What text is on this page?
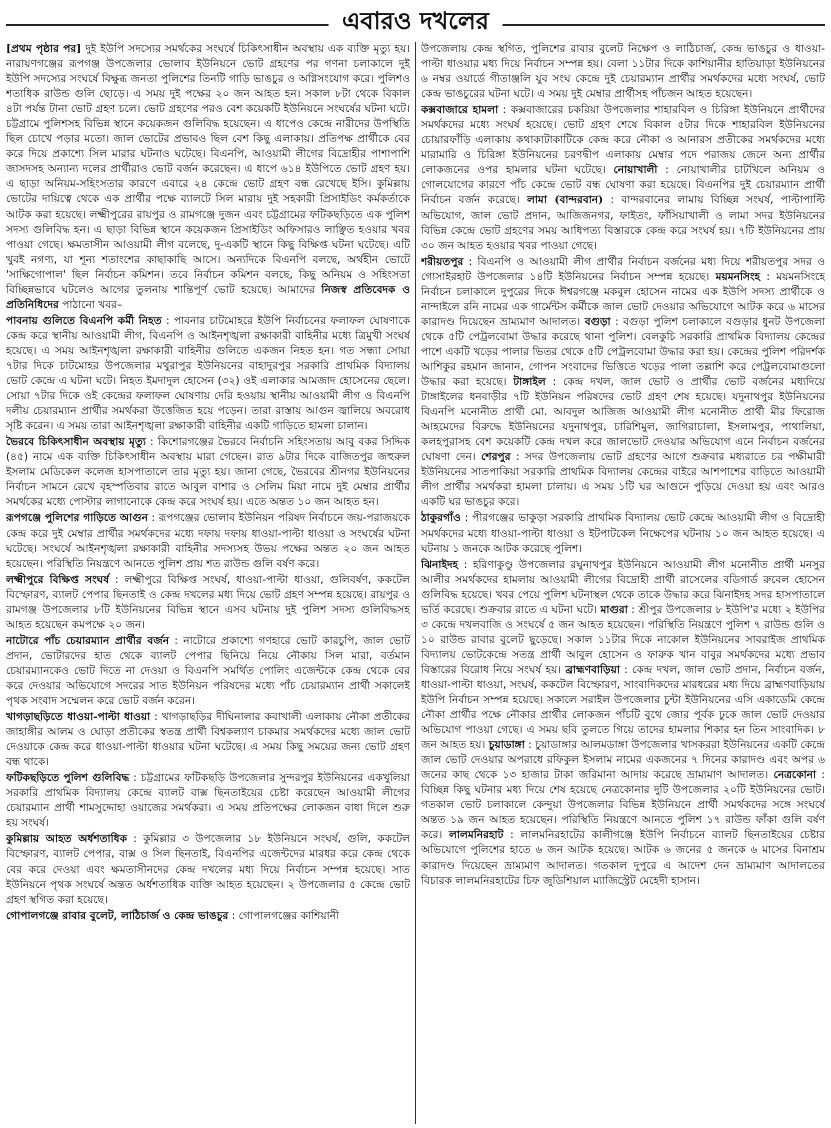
এবারও দখলের

[প্রথম পৃষ্ঠার পর] দুই ইউপি সদস্যের সমর্থকের সংঘর্ষে চিকিৎসাধীন অবস্থায় এক ব্যক্তি মৃত্যু হয়। নারায়ণগঞ্জের রূপগঞ্জ উপজেলার ভোলাব ইউনিয়নে ভোট গ্রহণের পর গণনা চলাকালে দুই ইউপি সদস্যের সংঘর্ষে বিক্ষুব্ধ জনতা পুলিশের তিনটি গাড়ি ভাঙচুর ও অগ্নিসংযোগ করে। পুলিশও শতাধিক রাউন্ড গুলি ছোড়ে। এ সময় দুই পক্ষের ২০ জন আহত হন। সকাল ৮টা থেকে বিকাল ৪টা পর্যন্ত টানা ভোট গ্রহণ চলে। ভোট গ্রহণের পরও বেশ কয়েকটি ইউনিয়নে সংঘর্ষের ঘটনা ঘটে। চট্টগ্রামে পুলিশসহ বিভিন্ন স্থানে কয়েকজন গুলিবিদ্ধ হয়েছেন। এ ধাপেও কেন্দ্রে নারীদের উপস্থিতি ছিল চোখে পড়ার মতো। জাল ভোটের প্রভাবও ছিল বেশ কিছু এলাকায়। প্রতিপক্ষ প্রার্থীকে বের করে দিয়ে প্রকাশ্যে সিল মারার ঘটনাও ঘটেছে। বিএনপি, আওয়ামী লীগের বিদ্রোহীর পাশাপাশি জাসদসহ অন্যান্য দলের প্রার্থীরাও ভোট বর্জন করেছেন। এ ধাপে ৬১৪ ইউপিতে ভোট গ্রহণ হয়। এ ছাড়া অনিয়ম-সহিংসতার কারণে এবারে ২৪ কেন্দ্রে ভোট গ্রহণ বন্ধ রেখেছে ইসি। কুমিল্লায় ভোটের দায়িত্বে থেকে এক প্রার্থীর পক্ষে ব্যালটে সিল মারায় দুই সহকারী প্রিসাইডিং কর্মকর্তাকে আটক করা হয়েছে। লক্ষ্মীপুরের রায়পুর ও রামগঞ্জে দুজন এবং চট্টগ্রামের ফটিকছড়িতে এক পুলিশ সদস্য গুলিবিদ্ধ হন। এ ছাড়া বিভিন্ন স্থানে কয়েকজন প্রিসাইডিং অফিসারও লাঞ্ছিত হওয়ার খবর পাওয়া গেছে। ক্ষমতাসীন আওয়ামী লীগ বলেছে, দু-একটি স্থানে কিছু বিক্ষিপ্ত ঘটনা ঘটেছে। এটি খুবই নগণ্য, যা শূন্য শতাংশের কাছাকাছি আসে। অন্যদিকে বিএনপি বলছে, অর্থহীন ভোটে 'সাক্ষিগোপাল' ছিল নির্বাচন কমিশন। তবে নির্বাচন কমিশন বলছে, কিছু অনিয়ম ও সহিংসতা বিচ্ছিন্নভাবে ঘটলেও আগের তুলনায় শান্তিপূর্ণ ভোট হয়েছে। আমাদের নিজস্ব প্রতিবেদক ও প্রতিনিধিদের পাঠানো খবর–

পাবনায় গুলিতে বিএনপি কর্মী নিহত : পাবনার চাটমোহরে ইউপি নির্বাচনের ফলাফল ঘোষণাকে কেন্দ্র করে স্থানীয় আওয়ামী লীগ, বিএনপি ও আইনশৃঙ্খলা রক্ষাকারী বাহিনীর মধ্যে ত্রিমুখী সংঘর্ষ হয়েছে। এ সময় আইনশৃঙ্খলা রক্ষাকারী বাহিনীর গুলিতে একজন নিহত হন। গত সন্ধ্যা সোয়া ৭টার দিকে চাটমোহর উপজেলার মথুরাপুর ইউনিয়নের বাহাদুরপুর সরকারি প্রাথমিক বিদ্যালয় ভোট কেন্দ্রে এ ঘটনা ঘটে। নিহত ইমদাদুল হোসেন (৩২) ওই এলাকার আমজাদ হোসেনের ছেলে। সোয়া ৭টার দিকে ওই কেন্দ্রের ফলাফল ঘোষণায় দেরি হওয়ায় স্থানীয় আওয়ামী লীগ ও বিএনপি দলীয় চেয়ারম্যান প্রার্থীর সমর্থকরা উত্তেজিত হয়ে পড়েন। তারা রাস্তায় আগুন জ্বালিয়ে অবরোধ সৃষ্টি করেন। এ সময় তারা আইনশৃঙ্খলা রক্ষাকারী বাহিনীর একটি গাড়িতে হামলা চালান।

ভৈরবে চিকিৎসাধীন অবস্থায় মৃত্যু : কিশোরগঞ্জের ভৈরবে নির্বাচনি সহিংসতায় আবু বকর সিদ্দিক (৪৫) নামে এক ব্যক্তি চিকিৎসাধীন অবস্থায় মারা গেছেন। রাত ৯টার দিকে বাজিতপুর জহুরুল ইসলাম মেডিকেল কলেজ হাসপাতালে তার মৃত্যু হয়। জানা গেছে, ভৈরবের শ্রীনগর ইউনিয়নের নির্বাচন সামনে রেখে বৃহস্পতিবার রাতে আবুল বাশার ও সেলিম মিয়া নামে দুই মেম্বার প্রার্থীর সমর্থকের মধ্যে পোস্টার লাগানোকে কেন্দ্র করে সংঘর্ষ হয়। এতে অন্তত ১০ জন আহত হন।

রূপগঞ্জে পুলিশের গাড়িতে আগুন : রূপগঞ্জের ভোলাব ইউনিয়ন পরিষদ নির্বাচনে জয়-পরাজয়কে কেন্দ্র করে দুই মেম্বার প্রার্থীর সমর্থকদের মধ্যে দফায় দফায় ধাওয়া-পাল্টা ধাওয়া ও সংঘর্ষের ঘটনা ঘটেছে। সংঘর্ষে আইনশৃঙ্খলা রক্ষাকারী বাহিনীর সদস্যসহ উভয় পক্ষের অন্তত ২০ জন আহত হয়েছেন। পরিস্থিতি নিয়ন্ত্রণে আনতে পুলিশ প্রায় শত রাউন্ড গুলি বর্ষণ করে।

লক্ষ্মীপুরে বিক্ষিপ্ত সংঘর্ষ : লক্ষ্মীপুরে বিক্ষিপ্ত সংঘর্ষ, ধাওয়া-পাল্টা ধাওয়া, গুলিবর্ষণ, ককটেল বিস্ফোরণ, ব্যালট পেপার ছিনতাই ও কেন্দ্র দখলের মধ্য দিয়ে ভোট গ্রহণ সম্পন্ন হয়েছে। রায়পুর ও রামগঞ্জ উপজেলার ৮টি ইউনিয়নের বিভিন্ন স্থানে এসব ঘটনায় দুই পুলিশ সদস্য গুলিবিদ্ধসহ আহত হয়েছেন কমপক্ষে ২০ জন।

নাটোরে পাঁচ চেয়ারম্যান প্রার্থীর বর্জন : নাটোরে প্রকাশ্যে গণহারে ভোট কারচুপি, জাল ভোট প্রদান, ভোটারদের হাত থেকে ব্যালট পেপার ছিনিয়ে নিয়ে নৌকায় সিল মারা, বর্তমান চেয়ারম্যানকেও ভোট দিতে না দেওয়া ও বিএনপি সমর্থিত পোলিং এজেন্টকে কেন্দ্র থেকে বের করে দেওয়ার অভিযোগে সদরের সাত ইউনিয়ন পরিষদের মধ্যে পাঁচ চেয়ারম্যান প্রার্থী সকালেই পৃথক সংবাদ সম্মেলন করে ভোট বর্জন করেন।

খাগড়াছড়িতে ধাওয়া-পাল্টা ধাওয়া : খাগড়াছড়ির দীঘিনালার কবাখালী এলাকায় নৌকা প্রতীকের জাহাঙ্গীর আলম ও ঘোড়া প্রতীকের স্বতন্ত্র প্রার্থী বিশ্বকল্যাণ চাকমার সমর্থকদের মধ্যে জাল ভোট দেওয়াকে কেন্দ্র করে ধাওয়া-পাল্টা ধাওয়ার ঘটনা ঘটেছে। এ সময় কিছু সময়ের জন্য ভোট গ্রহণ বন্ধ থাকে।

ফটিকছড়িতে পুলিশ গুলিবিদ্ধ : চট্টগ্রামের ফটিকছড়ি উপজেলার সুন্দরপুর ইউনিয়নের একখুলিয়া সরকারি প্রাথমিক বিদ্যালয় কেন্দ্রে ব্যালট বাক্স ছিনতাইয়ের চেষ্টা করেছেন আওয়ামী লীগের চেয়ারম্যান প্রার্থী শামসুদ্দোহা ওয়াজের সমর্থকরা। এ সময় প্রতিপক্ষের লোকজন বাধা দিলে শুরু হয় সংঘর্ষ।

কুমিল্লায় আহত অর্ধশতাধিক : কুমিল্লার ৩ উপজেলার ১৮ ইউনিয়নে সংঘর্ষ, গুলি, ককটেল বিস্ফোরণ, ব্যালট পেপার, বাক্স ও সিল ছিনতাই, বিএনপির এজেন্টদের মারধর করে কেন্দ্র থেকে বের করে দেওয়া এবং ক্ষমতাসীনদের কেন্দ্র দখলের মধ্য দিয়ে নির্বাচন সম্পন্ন হয়েছে। সাত ইউনিয়নে পৃথক সংঘর্ষে অন্তত অর্ধশতাধিক ব্যক্তি আহত হয়েছেন। ২ উপজেলার ৫ কেন্দ্রে ভোট গ্রহণ স্থগিত করা হয়েছে।

গোপালগঞ্জে রাবার বুলেট, লাঠিচার্জ ও কেন্দ্র ভাঙচুর : গোপালগঞ্জের কাশিয়ানী

উপজেলায় কেন্দ্র স্থগিত, পুলিশের রাবার বুলেট নিক্ষেপ ও লাঠিচার্জ, কেন্দ্র ভাঙচুর ও ধাওয়া-পাল্টা ধাওয়ার মধ্য দিয়ে নির্বাচন সম্পন্ন হয়। বেলা ১১টার দিকে কাশিয়ানীর হাতিয়াড়া ইউনিয়নের ৬ নম্বর ওয়ার্ডে গীতাঞ্জলি যুব সংঘ কেন্দ্রে দুই চেয়ারম্যান প্রার্থীর সমর্থকদের মধ্যে সংঘর্ষ, ভোট কেন্দ্র ভাঙচুরের ঘটনা ঘটে। এ সময় দুই মেম্বার প্রার্থীসহ পাঁচজন আহত হয়েছেন।

কক্সবাজারে হামলা : কক্সবাজারের চকরিয়া উপজেলার শাহারবিল ও চিরিঙ্গা ইউনিয়নে প্রার্থীদের সমর্থকদের মধ্যে সংঘর্ষ হয়েছে। ভোট গ্রহণ শেষে বিকাল ৫টার দিকে শাহারবিল ইউনিয়নের চোয়ারফাঁড়ি এলাকায় কথাকাটাকাটিকে কেন্দ্র করে নৌকা ও আনারস প্রতীকের সমর্থকদের মধ্যে মারামারি ও চিরিঙ্গা ইউনিয়নের চরণদ্বীপ এলাকায় মেম্বার পদে পরাজয় জেনে অন্য প্রার্থীর লোকজনের ওপর হামলার ঘটনা ঘটেছে। নোয়াখালী : নোয়াখালীর চাটখিলে অনিয়ম ও গোলযোগের কারণে পাঁচ কেন্দ্রে ভোট বন্ধ ঘোষণা করা হয়েছে। বিএনপির দুই চেয়ারম্যান প্রার্থী নির্বাচন বর্জন করেছে। লামা (বান্দরবান) : বান্দরবানের লামায় বিচ্ছিন্ন সংঘর্ষ, পাল্টাপাল্টি অভিযোগ, জাল ভোট প্রদান, আজিজনগর, ফাইতং, ফাঁসিয়াখালী ও লামা সদর ইউনিয়নের বিভিন্ন কেন্দ্রে ভোট গ্রহণের সময় আধিপত্য বিস্তারকে কেন্দ্র করে সংঘর্ষ হয়। ৭টি ইউনিয়নের প্রায় ৩০ জন আহত হওয়ার খবর পাওয়া গেছে।

শরীয়তপুর : বিএনপি ও আওয়ামী লীগ প্রার্থীর নির্বাচন বর্জনের মধ্য দিয়ে শরীয়তপুর সদর ও গোসাইরহাট উপজেলার ১৪টি ইউনিয়নের নির্বাচন সম্পন্ন হয়েছে। ময়মনসিংহ : ময়মনসিংহে নির্বাচন চলাকালে দুপুরের দিকে ঈশ্বরগঞ্জে মকবুল হোসেন নামের এক ইউপি সদস্য প্রার্থীকে ও নান্দাইলে রনি নামের এক গার্মেন্টস কর্মীকে জাল ভোট দেওয়ার অভিযোগে আটক করে ৬ মাসের কারাদণ্ড দিয়েছেন ভ্রাম্যমাণ আদালত। বগুড়া : বগুড়া পুলিশ চলাকালে বগুড়ার ধুনট উপজেলা থেকে ৫টি পেট্রলবোমা উদ্ধার করেছে থানা পুলিশ। বেলকুচি সরকারি প্রাথমিক বিদ্যালয় কেন্দ্রের পাশে একটি খড়ের পালার ভিতর থেকে ৫টি পেট্রলবোমা উদ্ধার করা হয়। কেন্দ্রের পুলিশ পরিদর্শক আশিকুর রহমান জানান, গোপন সংবাদের ভিত্তিতে খড়ের পালা তল্লাশি করে পেট্রলবোমাগুলো উদ্ধার করা হয়েছে। টাঙ্গাইল : কেন্দ্র দখল, জাল ভোট ও প্রার্থীর ভোট বর্জনের মধ্যদিয়ে টাঙ্গাইলের ধনবাড়ীর ৭টি ইউনিয়ন পরিষদের ভোট গ্রহণ শেষ হয়েছে। যদুনাথপুর ইউনিয়নের বিএনপি মনোনীত প্রার্থী মো. আবদুল আজিজ আওয়ামী লীগ মনোনীত প্রার্থী মীর ফিরোজ আহমেদের বিরুদ্ধে ইউনিয়নের যদুনাথপুর, চারিশিমুল, জাগিরাচালা, ইসলামপুর, পাথালিয়া, কলহপুরাসহ বেশ কয়েকটি কেন্দ্র দখল করে জালভোট দেওয়ার অভিযোগ এনে নির্বাচন বর্জনের ঘোষণা দেন। শেরপুর : সদর উপজেলায় ভোট গ্রহণের আগে শুক্রবার মধ্যরাতে চর পক্ষীমারী ইউনিয়নের সাতপাকিয়া সরকারি প্রাথমিক বিদ্যালয় কেন্দ্রের বাইরে আশপাশের বাড়িতে আওয়ামী লীগ প্রার্থীর সমর্থকরা হামলা চালায়। এ সময় ১টি ঘর আগুনে পুড়িয়ে দেওয়া হয় এবং আরও একটি ঘর ভাঙচুর করে।

ঠাকুরগাঁও : পীরগঞ্জের ভাকুড়া সরকারি প্রাথমিক বিদ্যালয় ভোট কেন্দ্রে আওয়ামী লীগ ও বিদ্রোহী সমর্থকদের মধ্যে ধাওয়া-পাল্টা ধাওয়া ও ইটপাটকেল নিক্ষেপের ঘটনায় ১০ জন আহত হয়েছে। এ ঘটনায় ১ জনকে আটক করেছে পুলিশ।

ঝিনাইদহ : হরিণাকুণ্ডু উপজেলার রঘুনাথপুর ইউনিয়নে আওয়ামী লীগ মনোনীত প্রার্থী মনসুর আলীর সমর্থকদের হামলায় আওয়ামী লীগের বিদ্রোহী প্রার্থী রাসেলের বডিগার্ড রুবেল হোসেন গুলিবিদ্ধ হয়েছে। খবর পেয়ে পুলিশ ঘটনাস্থল থেকে তাকে উদ্ধার করে ঝিনাইদহ সদর হাসপাতালে ভর্তি করেছে। শুক্রবার রাতে এ ঘটনা ঘটে। মাগুরা : শ্রীপুর উপজেলার ৮ ইউপি'র মধ্যে ২ ইউপির ৩ কেন্দ্রে দখলবাজি ও সংঘর্ষে ৫ জন আহত হয়েছেন। পরিস্থিতি নিয়ন্ত্রণে পুলিশ ৭ রাউন্ড গুলি ও ১০ রাউন্ড রাবার বুলেট ছুড়েছে। সকাল ১১টার দিকে নাকোল ইউনিয়নের সাবরাইজ প্রাথমিক বিদ্যালয় ভোটকেন্দ্রে সতন্ত্র প্রার্থী আবুল হোসেন ও ফারুক খান বাবুর সমর্থকদের মধ্যে প্রভাব বিস্তারের বিরোধ নিয়ে সংঘর্ষ হয়। ব্রাহ্মণবাড়িয়া : কেন্দ্র দখল, জাল ভোট প্রদান, নির্বাচন বর্জন, ধাওয়া-পাল্টা ধাওয়া, সংঘর্ষ, ককটেল বিস্ফোরণ, সাংবাদিকদের মারধরের মধ্য দিয়ে ব্রাহ্মণবাড়িয়ায় ইউপি নির্বাচন সম্পন্ন হয়েছে। সকালে সরাইল উপজেলার চুন্টা ইউনিয়নের এসি একাডেমি কেন্দ্রে নৌকা প্রার্থীর পক্ষে নৌকার প্রার্থীর লোকজন পাঁচটি বুথে জোর পূর্বক ঢুকে জাল ভোট দেওয়ার অভিযোগ পাওয়া গেছে। এ সময় ছবি তুলতে গিয়ে তাদের হামলার শিকার হন তিন সাংবাদিক। ৮ জন আহত হয়। চুয়াডাঙ্গা : চুয়াডাঙ্গার আলমডাঙ্গা উপজেলার খাসকররা ইউনিয়নের একটি কেন্দ্রে জাল ভোট দেওয়ার অপরাধে রফিকুল ইসলাম নামের একজনের ৭ দিনের কারাদণ্ড এবং অপর ৬ জনের কাছ থেকে ১৩ হাজার টাকা জরিমানা আদায় করেছে ভ্রাম্যমাণ আদালত। নেত্রকোনা : বিচ্ছিন্ন কিছু ঘটনার মধ্য দিয়ে শেষ হয়েছে নেত্রকোনার দুটি উপজেলার ২০টি ইউনিয়নের ভোট। গতকাল ভোট চলাকালে কেন্দুয়া উপজেলার বিভিন্ন ইউনিয়নে প্রার্থী সমর্থকদের সঙ্গে সংঘর্ষে অন্তত ১৯ জন আহত হয়েছেন। পরিস্থিতি নিয়ন্ত্রণে আনতে পুলিশ ১৭ রাউন্ড ফাঁকা গুলি বর্ষণ করে। লালমনিরহাট : লালমনিরহাটের কালীগঞ্জে ইউপি নির্বাচনে ব্যালট ছিনতাইয়ের চেষ্টার অভিযোগে পুলিশের হাতে ৬ জন আটক হয়েছে। আটক ৬ জনের ৫ জনকে ৬ মাসের বিনাশ্রম কারাদণ্ড দিয়েছেন ভ্রাম্যমাণ আদালত। গতকাল দুপুরে এ আদেশ দেন ভ্রাম্যমাণ আদালতের বিচারক লালমনিরহাটের চিফ জুডিশিয়াল ম্যাজিস্ট্রেট মেহেদী হাসান।
